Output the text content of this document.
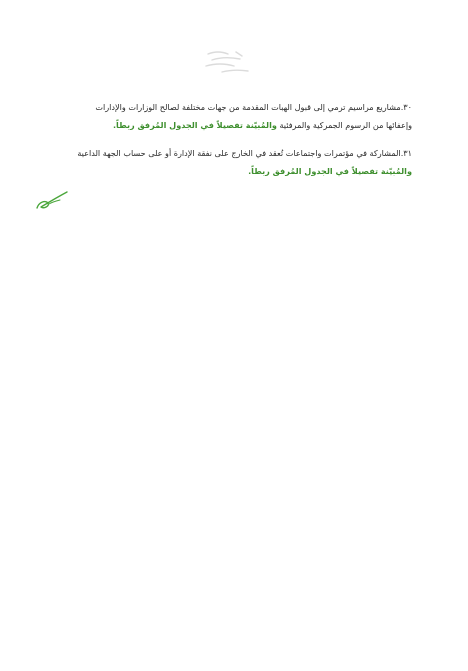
٣٠.مشاريع مراسيم ترمي إلى قبول الهبات المقدمة من جهات مختلفة لصالح الوزارات والإدارات
وإعفائها من الرسوم الجمركية والمرفئية والمُبيّنة تفصيلاً في الجدول المُرفق ربطاً.
٣١.المشاركة في مؤتمرات واجتماعات تُعقد في الخارج على نفقة الإدارة أو على حساب الجهة الداعية
والمُبيّنة تفصيلاً في الجدول المُرفق ربطاً.
